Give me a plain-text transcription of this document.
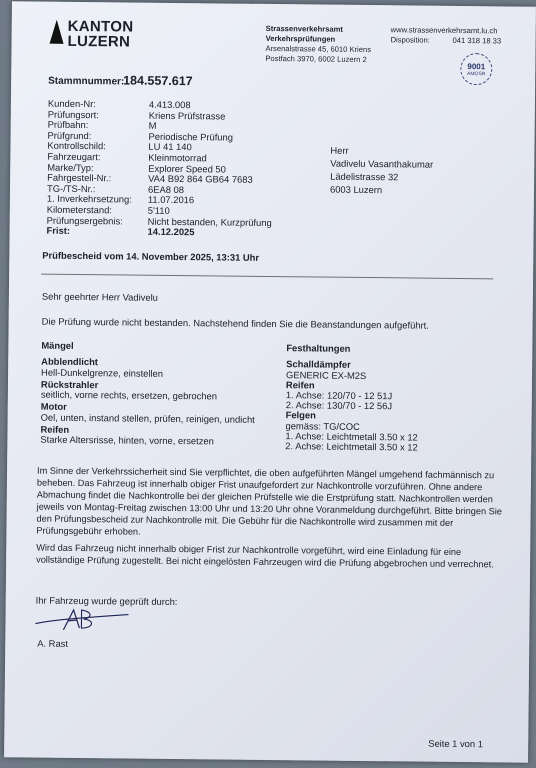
KANTON
LUZERN
Strassenverkehrsamt
Verkehrsprüfungen
Arsenalstrasse 45, 6010 Kriens
Postfach 3970, 6002 Luzern 2
www.strassenverkehrsamt.lu.ch
Disposition:	041 318 18 33
9001
AMOSR
Stammnummer:
184.557.617
Kunden-Nr:	4.413.008
Prüfungsort:	Kriens Prüfstrasse
Prüfbahn:	M
Prüfgrund:	Periodische Prüfung
Kontrollschild:	LU 41 140
Fahrzeugart:	Kleinmotorrad
Marke/Typ:	Explorer Speed 50
Fahrgestell-Nr.:	VA4 B92 864 GB64 7683
TG-/TS-Nr.:	6EA8 08
1. Inverkehrsetzung: 11.07.2016
Kilometerstand:	5'110
Prüfungsergebnis:	Nicht bestanden, Kurzprüfung
Frist:	14.12.2025
Herr
Vadivelu Vasanthakumar
Lädelistrasse 32
6003 Luzern
Prüfbescheid vom 14. November 2025, 13:31 Uhr
Sehr geehrter Herr Vadivelu
Die Prüfung wurde nicht bestanden. Nachstehend finden Sie die Beanstandungen aufgeführt.
Mängel
Abblendlicht
Hell-Dunkelgrenze, einstellen
Rückstrahler
seitlich, vorne rechts, ersetzen, gebrochen
Motor
Oel, unten, instand stellen, prüfen, reinigen, undicht
Reifen
Starke Altersrisse, hinten, vorne, ersetzen
Festhaltungen
Schalldämpfer
GENERIC EX-M2S
Reifen
1. Achse: 120/70 - 12 51J
2. Achse: 130/70 - 12 56J
Felgen
gemäss: TG/COC
1. Achse: Leichtmetall 3.50 x 12
2. Achse: Leichtmetall 3.50 x 12
Im Sinne der Verkehrssicherheit sind Sie verpflichtet, die oben aufgeführten Mängel umgehend fachmännisch zu beheben. Das Fahrzeug ist innerhalb obiger Frist unaufgefordert zur Nachkontrolle vorzuführen. Ohne andere Abmachung findet die Nachkontrolle bei der gleichen Prüfstelle wie die Erstprüfung statt. Nachkontrollen werden jeweils von Montag-Freitag zwischen 13:00 Uhr und 13:20 Uhr ohne Voranmeldung durchgeführt. Bitte bringen Sie den Prüfungsbescheid zur Nachkontrolle mit. Die Gebühr für die Nachkontrolle wird zusammen mit der Prüfungsgebühr erhoben.
Wird das Fahrzeug nicht innerhalb obiger Frist zur Nachkontrolle vorgeführt, wird eine Einladung für eine vollständige Prüfung zugestellt. Bei nicht eingelösten Fahrzeugen wird die Prüfung abgebrochen und verrechnet.
Ihr Fahrzeug wurde geprüft durch:
A. Rast
Seite 1 von 1
